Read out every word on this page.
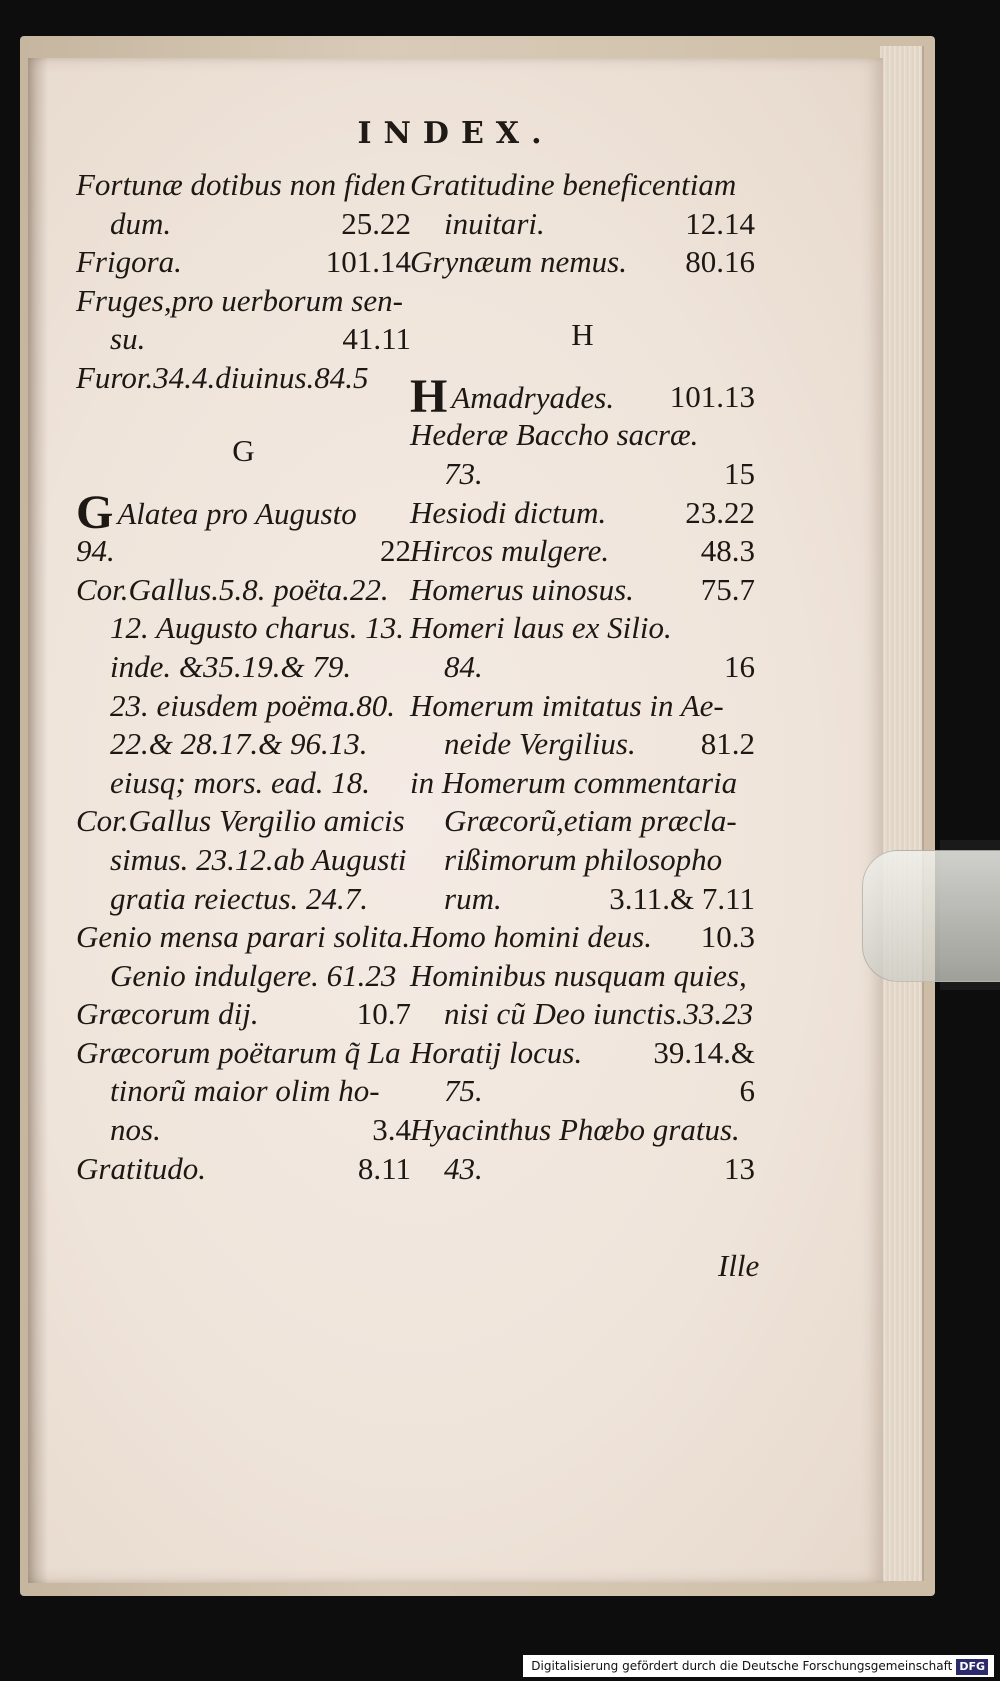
INDEX.
Fortunæ dotibus non fiden
dum.	25.22
Frigora.	101.14
Fruges,pro uerborum sen-
su.	41.11
Furor.34.4.diuinus.84.5
G
G Alatea pro Augusto
94.	22
Cor.Gallus.5.8. poëta.22.
12. Augusto charus. 13.
inde. &35.19.& 79.
23. eiusdem poëma.80.
22.& 28.17.& 96.13.
eiusq; mors. ead. 18.
Cor.Gallus Vergilio amicis
simus. 23.12.ab Augusti
gratia reiectus. 24.7.
Genio mensa parari solita.
Genio indulgere. 61.23
Græcorum dij.	10.7
Græcorum poëtarum q̃ La
tinorũ maior olim ho-
nos.	3.4
Gratitudo.	8.11
Gratitudine beneficentiam
inuitari.	12.14
Grynæum nemus. 80.16
H
H Amadryades. 101.13
Hederæ Baccho sacræ.
73.	15
Hesiodi dictum.	23.22
Hircos mulgere.	48.3
Homerus uinosus. 75.7
Homeri laus ex Silio.
84.	16
Homerum imitatus in Ae-
neide Vergilius. 81.2
in Homerum commentaria
Græcorũ,etiam præcla-
rißimorum philosopho
rum.	3.11.& 7.11
Homo homini deus. 10.3
Hominibus nusquam quies,
nisi cũ Deo iunctis.33.23
Horatij locus. 39.14.&
75.	6
Hyacinthus Phœbo gratus.
43.	13
Ille
Digitalisierung gefördert durch die Deutsche Forschungsgemeinschaft DFG
